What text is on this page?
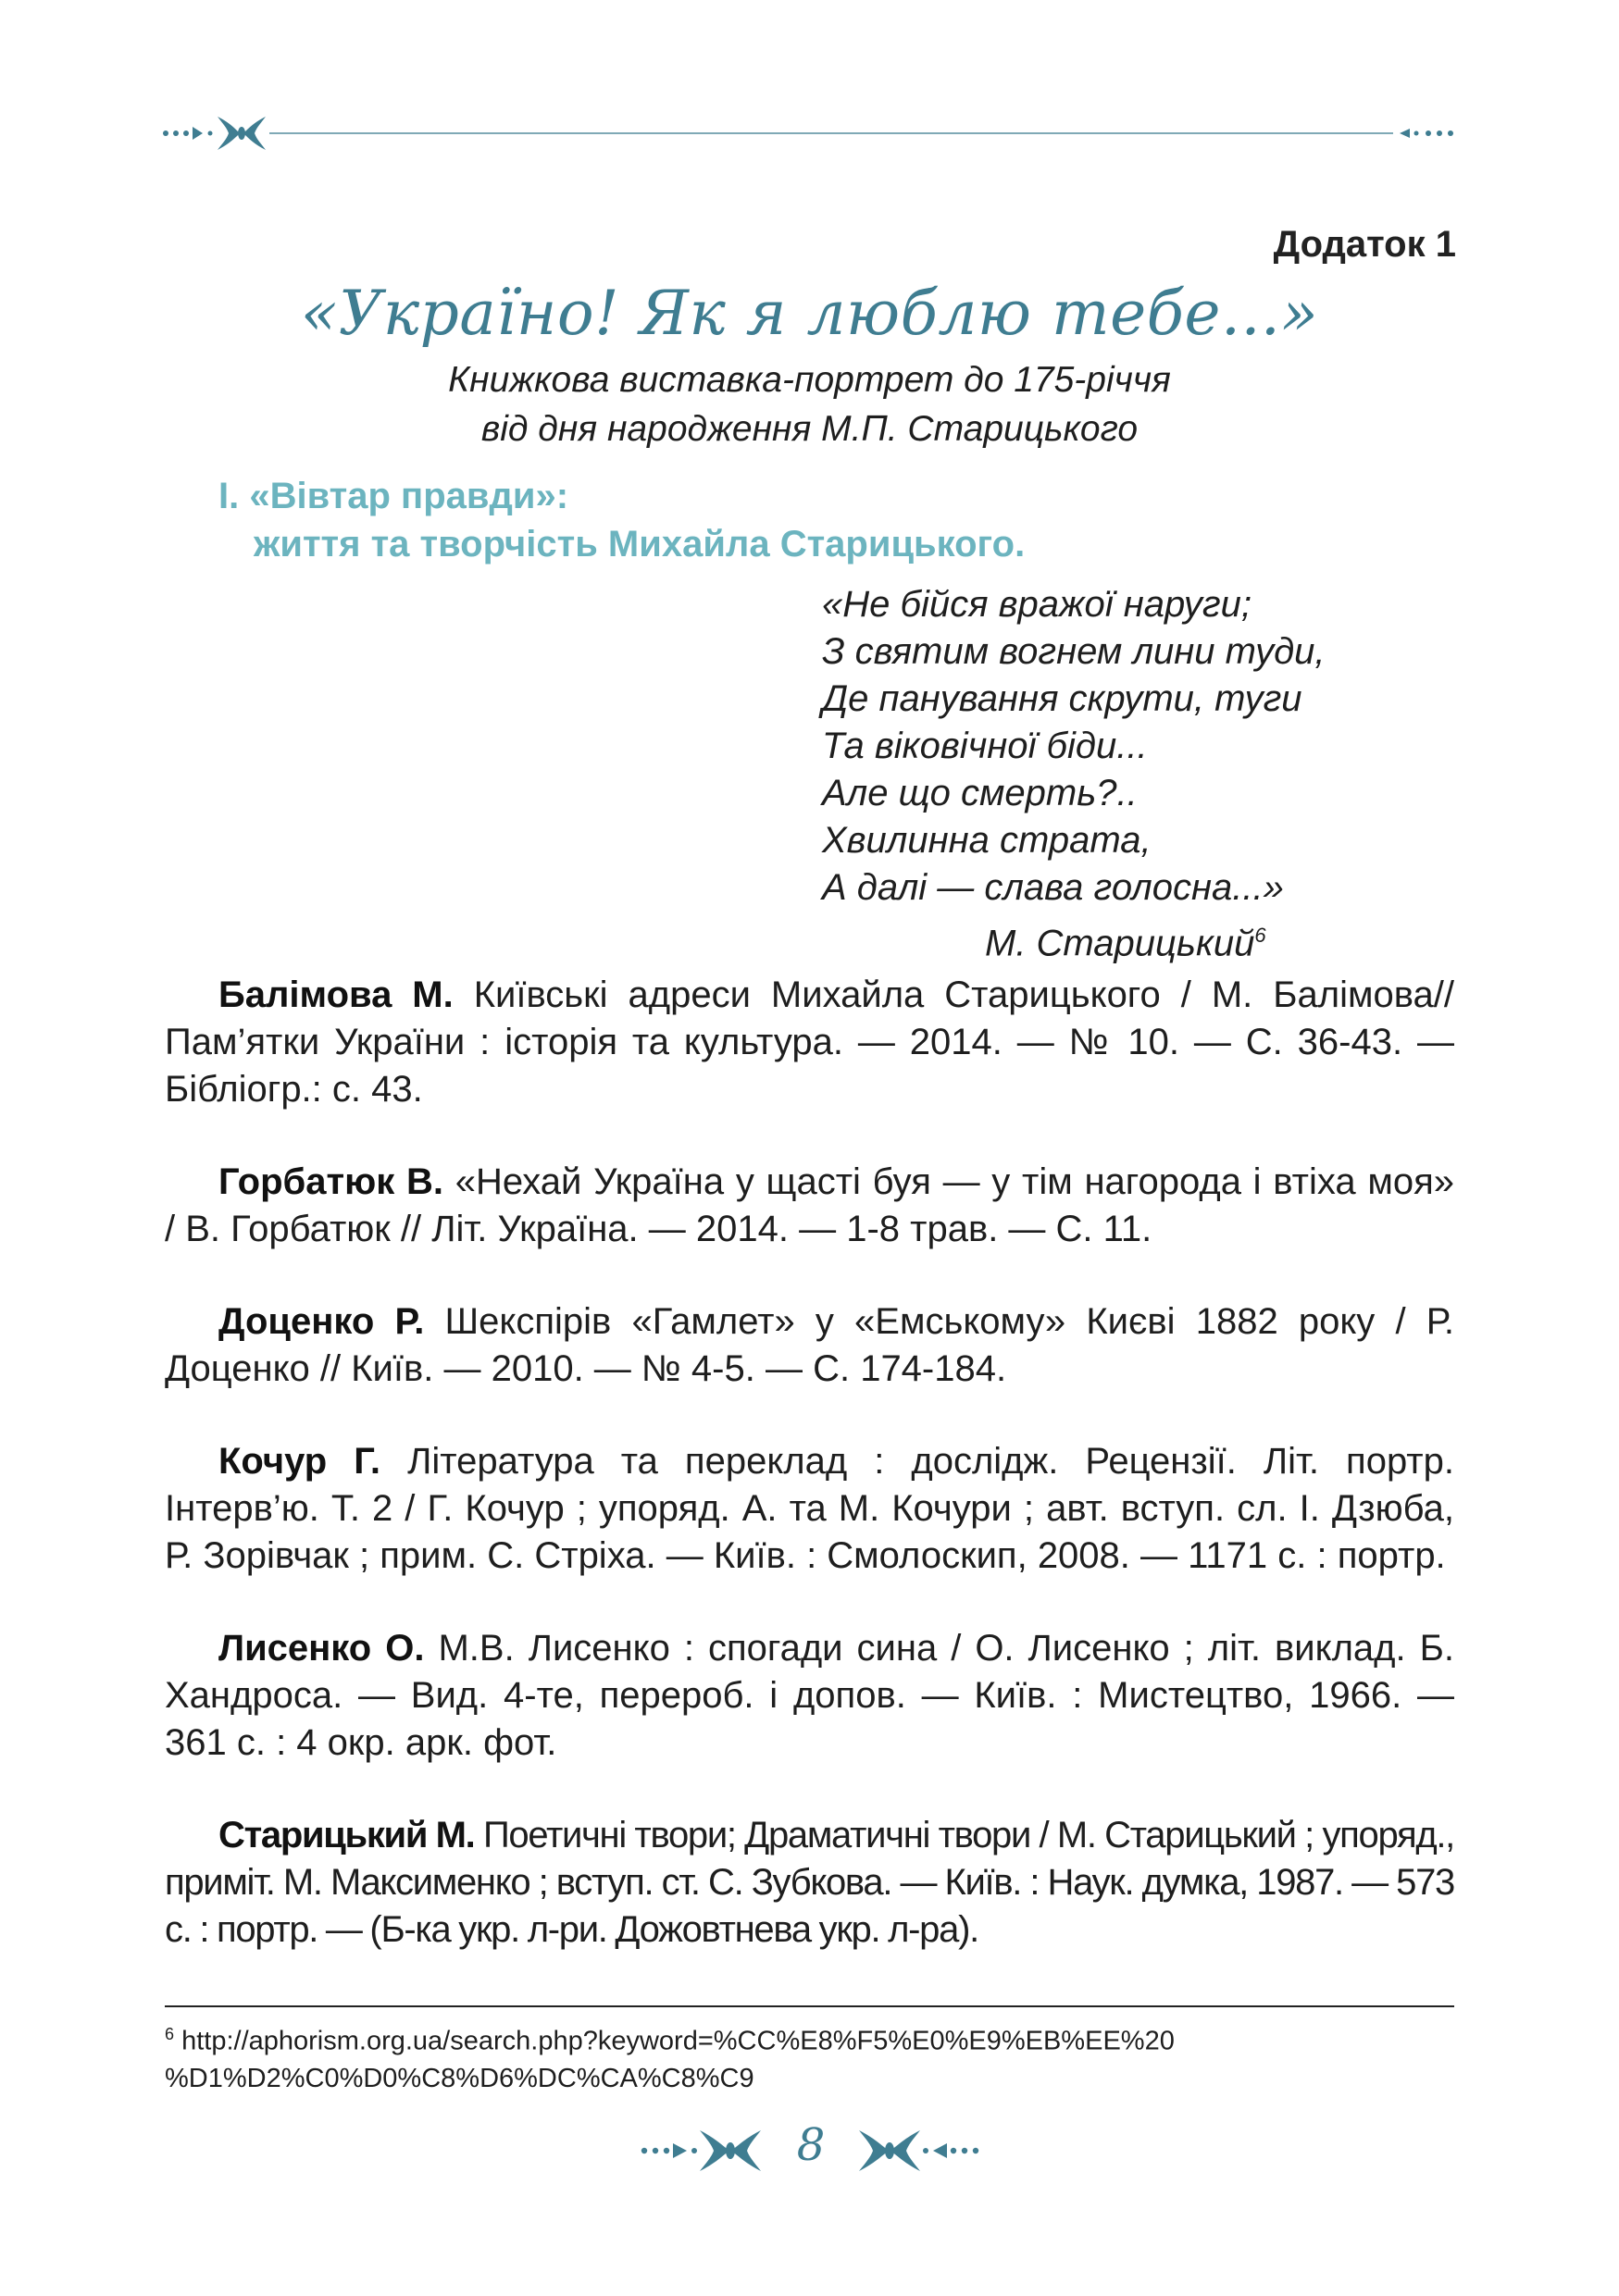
Додаток 1
«Україно! Як я люблю тебе...»
Книжкова виставка-портрет до 175-річчя
від дня народження М.П. Старицького
I. «Вівтар правди»:
життя та творчість Михайла Старицького.
«Не бійся вражої наруги;
З святим вогнем лини туди,
Де панування скрути, туги
Та віковічної біди...
Але що смерть?..
Хвилинна страта,
А далі — слава голосна...»
М. Старицький$^6$

Балімова М. Київські адреси Михайла Старицького / М. Балімова// Пам’ятки України : історія та культура. — 2014. — № 10. — С. 36-43. — Бібліогр.: с. 43.

Горбатюк В. «Нехай Україна у щасті буя — у тім нагорода і втіха моя» / В. Горбатюк // Літ. Україна. — 2014. — 1-8 трав. — С. 11.

Доценко Р. Шекспірів «Гамлет» у «Емському» Києві 1882 року / Р. Доценко // Київ. — 2010. — № 4-5. — С. 174-184.

Кочур Г. Література та переклад : дослідж. Рецензії. Літ. портр. Інтерв’ю. Т. 2 / Г. Кочур ; упоряд. А. та М. Кочури ; авт. вступ. сл. І. Дзюба, Р. Зорівчак ; прим. С. Стріха. — Київ. : Смолоскип, 2008. — 1171 с. : портр.

Лисенко О. М.В. Лисенко : спогади сина / О. Лисенко ; літ. виклад. Б. Хандроса. — Вид. 4-те, перероб. і допов. — Київ. : Мистецтво, 1966. — 361 с. : 4 окр. арк. фот.

Старицький М. Поетичні твори; Драматичні твори / М. Старицький ; упоряд., приміт. М. Максименко ; вступ. ст. С. Зубкова. — Київ. : Наук. думка, 1987. — 573 с. : портр. — (Б-ка укр. л-ри. Дожовтнева укр. л-ра).

$^6$ http://aphorism.org.ua/search.php?keyword=%CC%E8%F5%E0%E9%EB%EE%20
%D1%D2%C0%D0%C8%D6%DC%CA%C8%C9
8
